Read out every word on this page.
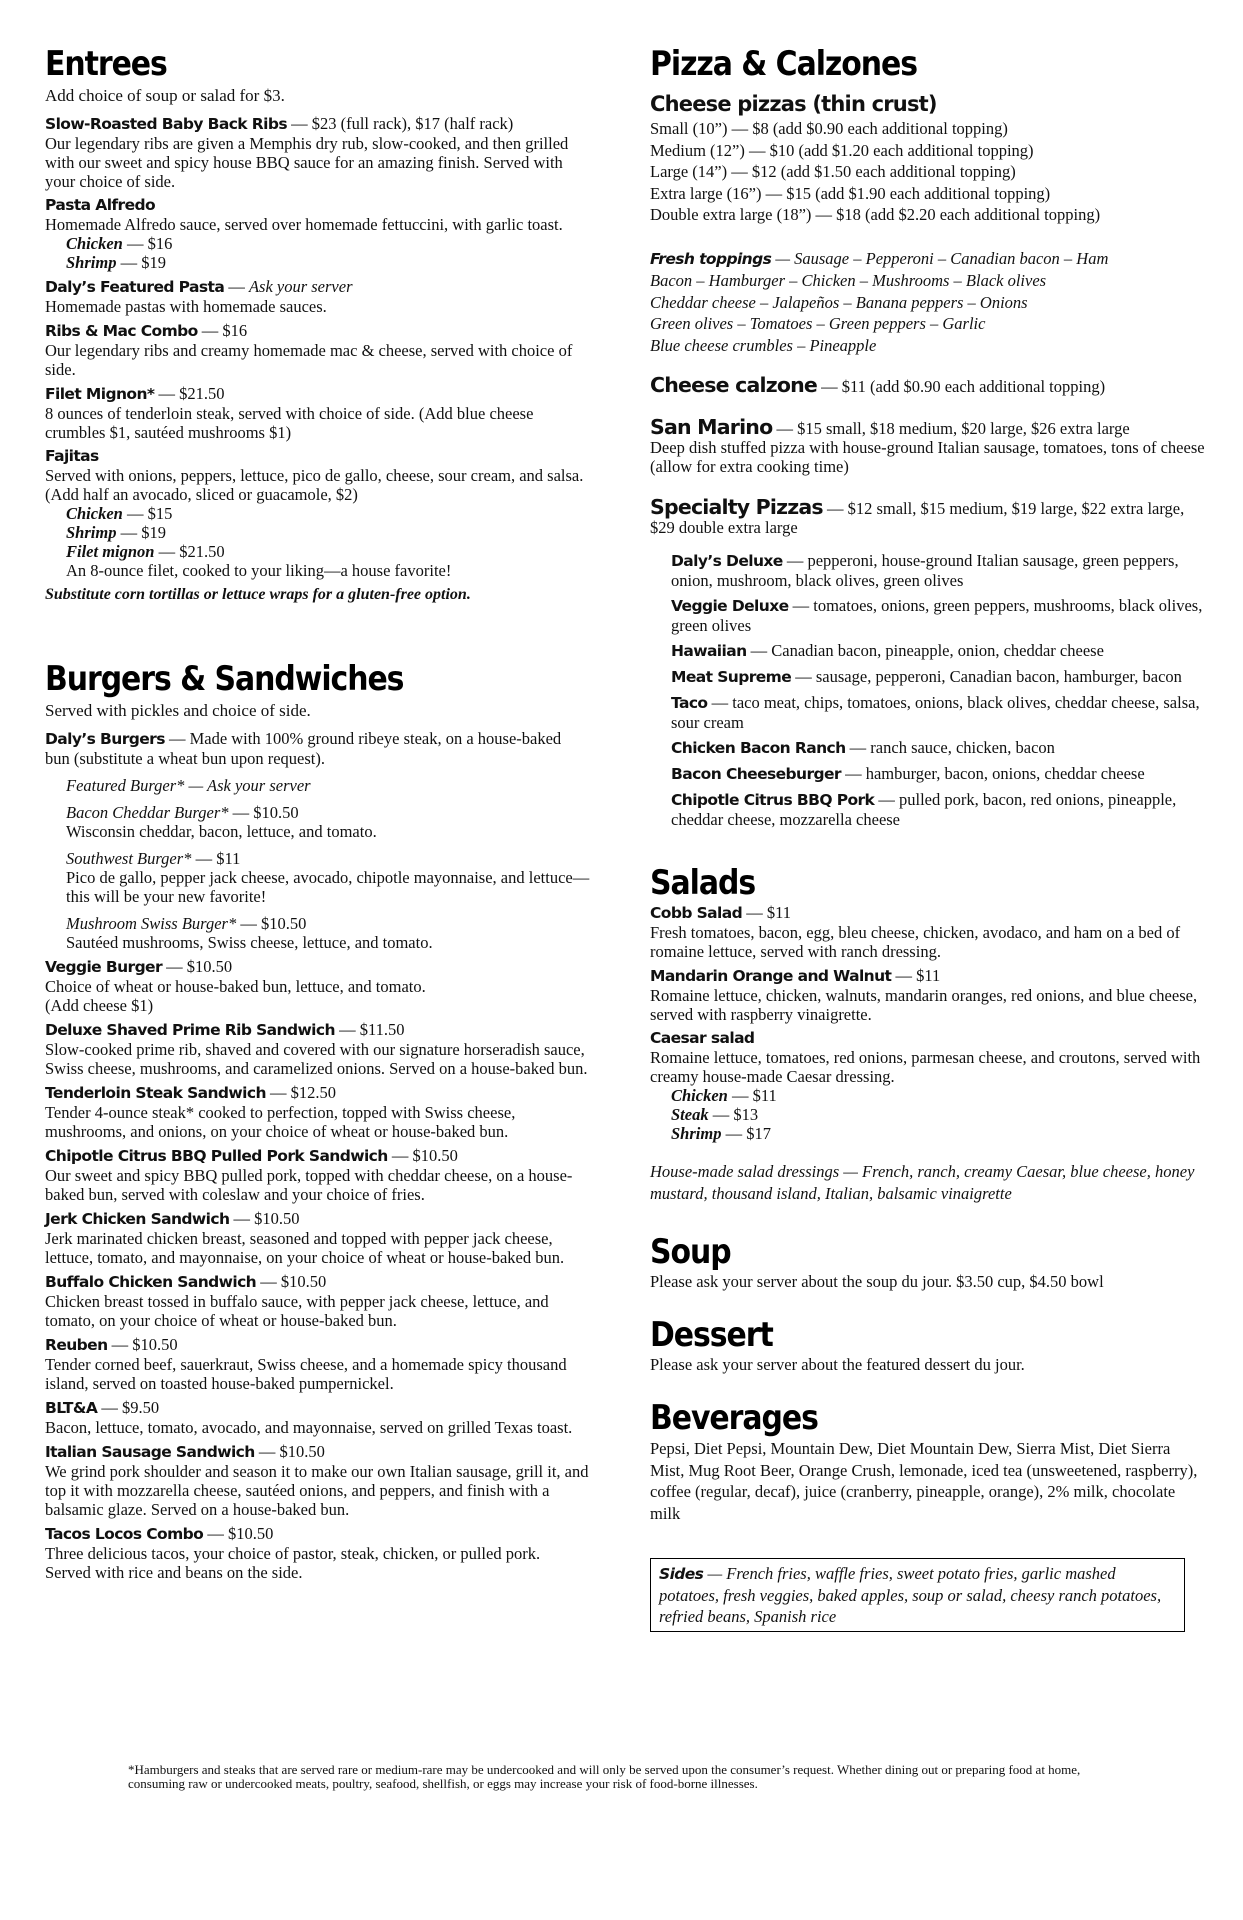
Entrees
Add choice of soup or salad for $3.
Slow-Roasted Baby Back Ribs — $23 (full rack), $17 (half rack)
Our legendary ribs are given a Memphis dry rub, slow-cooked, and then grilled with our sweet and spicy house BBQ sauce for an amazing finish. Served with your choice of side.
Pasta Alfredo
Homemade Alfredo sauce, served over homemade fettuccini, with garlic toast.
Chicken — $16
Shrimp — $19
Daly’s Featured Pasta — Ask your server
Homemade pastas with homemade sauces.
Ribs & Mac Combo — $16
Our legendary ribs and creamy homemade mac & cheese, served with choice of side.
Filet Mignon* — $21.50
8 ounces of tenderloin steak, served with choice of side. (Add blue cheese crumbles $1, sautéed mushrooms $1)
Fajitas
Served with onions, peppers, lettuce, pico de gallo, cheese, sour cream, and salsa. (Add half an avocado, sliced or guacamole, $2)
Chicken — $15
Shrimp — $19
Filet mignon — $21.50
An 8-ounce filet, cooked to your liking—a house favorite!
Substitute corn tortillas or lettuce wraps for a gluten-free option.
Burgers & Sandwiches
Served with pickles and choice of side.
Daly’s Burgers — Made with 100% ground ribeye steak, on a house-baked bun (substitute a wheat bun upon request).
Featured Burger* — Ask your server
Bacon Cheddar Burger* — $10.50
Wisconsin cheddar, bacon, lettuce, and tomato.
Southwest Burger* — $11
Pico de gallo, pepper jack cheese, avocado, chipotle mayonnaise, and lettuce—this will be your new favorite!
Mushroom Swiss Burger* — $10.50
Sautéed mushrooms, Swiss cheese, lettuce, and tomato.
Veggie Burger — $10.50
Choice of wheat or house-baked bun, lettuce, and tomato.
(Add cheese $1)
Deluxe Shaved Prime Rib Sandwich — $11.50
Slow-cooked prime rib, shaved and covered with our signature horseradish sauce, Swiss cheese, mushrooms, and caramelized onions. Served on a house-baked bun.
Tenderloin Steak Sandwich — $12.50
Tender 4-ounce steak* cooked to perfection, topped with Swiss cheese, mushrooms, and onions, on your choice of wheat or house-baked bun.
Chipotle Citrus BBQ Pulled Pork Sandwich — $10.50
Our sweet and spicy BBQ pulled pork, topped with cheddar cheese, on a house-baked bun, served with coleslaw and your choice of fries.
Jerk Chicken Sandwich — $10.50
Jerk marinated chicken breast, seasoned and topped with pepper jack cheese, lettuce, tomato, and mayonnaise, on your choice of wheat or house-baked bun.
Buffalo Chicken Sandwich — $10.50
Chicken breast tossed in buffalo sauce, with pepper jack cheese, lettuce, and tomato, on your choice of wheat or house-baked bun.
Reuben — $10.50
Tender corned beef, sauerkraut, Swiss cheese, and a homemade spicy thousand island, served on toasted house-baked pumpernickel.
BLT&A — $9.50
Bacon, lettuce, tomato, avocado, and mayonnaise, served on grilled Texas toast.
Italian Sausage Sandwich — $10.50
We grind pork shoulder and season it to make our own Italian sausage, grill it, and top it with mozzarella cheese, sautéed onions, and peppers, and finish with a balsamic glaze. Served on a house-baked bun.
Tacos Locos Combo — $10.50
Three delicious tacos, your choice of pastor, steak, chicken, or pulled pork. Served with rice and beans on the side.
Pizza & Calzones
Cheese pizzas (thin crust)
Small (10”) — $8 (add $0.90 each additional topping)
Medium (12”) — $10 (add $1.20 each additional topping)
Large (14”) — $12 (add $1.50 each additional topping)
Extra large (16”) — $15 (add $1.90 each additional topping)
Double extra large (18”) — $18 (add $2.20 each additional topping)
Fresh toppings — Sausage – Pepperoni – Canadian bacon – Ham
Bacon – Hamburger – Chicken – Mushrooms – Black olives
Cheddar cheese – Jalapeños – Banana peppers – Onions
Green olives – Tomatoes – Green peppers – Garlic
Blue cheese crumbles – Pineapple
Cheese calzone — $11 (add $0.90 each additional topping)
San Marino — $15 small, $18 medium, $20 large, $26 extra large
Deep dish stuffed pizza with house-ground Italian sausage, tomatoes, tons of cheese (allow for extra cooking time)
Specialty Pizzas — $12 small, $15 medium, $19 large, $22 extra large, $29 double extra large
Daly’s Deluxe — pepperoni, house-ground Italian sausage, green peppers, onion, mushroom, black olives, green olives
Veggie Deluxe — tomatoes, onions, green peppers, mushrooms, black olives, green olives
Hawaiian — Canadian bacon, pineapple, onion, cheddar cheese
Meat Supreme — sausage, pepperoni, Canadian bacon, hamburger, bacon
Taco — taco meat, chips, tomatoes, onions, black olives, cheddar cheese, salsa, sour cream
Chicken Bacon Ranch — ranch sauce, chicken, bacon
Bacon Cheeseburger — hamburger, bacon, onions, cheddar cheese
Chipotle Citrus BBQ Pork — pulled pork, bacon, red onions, pineapple, cheddar cheese, mozzarella cheese
Salads
Cobb Salad — $11
Fresh tomatoes, bacon, egg, bleu cheese, chicken, avodaco, and ham on a bed of romaine lettuce, served with ranch dressing.
Mandarin Orange and Walnut — $11
Romaine lettuce, chicken, walnuts, mandarin oranges, red onions, and blue cheese, served with raspberry vinaigrette.
Caesar salad
Romaine lettuce, tomatoes, red onions, parmesan cheese, and croutons, served with creamy house-made Caesar dressing.
Chicken — $11
Steak — $13
Shrimp — $17
House-made salad dressings — French, ranch, creamy Caesar, blue cheese, honey mustard, thousand island, Italian, balsamic vinaigrette
Soup
Please ask your server about the soup du jour. $3.50 cup, $4.50 bowl
Dessert
Please ask your server about the featured dessert du jour.
Beverages
Pepsi, Diet Pepsi, Mountain Dew, Diet Mountain Dew, Sierra Mist, Diet Sierra Mist, Mug Root Beer, Orange Crush, lemonade, iced tea (unsweetened, raspberry), coffee (regular, decaf), juice (cranberry, pineapple, orange), 2% milk, chocolate milk
Sides — French fries, waffle fries, sweet potato fries, garlic mashed potatoes, fresh veggies, baked apples, soup or salad, cheesy ranch potatoes, refried beans, Spanish rice
*Hamburgers and steaks that are served rare or medium-rare may be undercooked and will only be served upon the consumer’s request. Whether dining out or preparing food at home, consuming raw or undercooked meats, poultry, seafood, shellfish, or eggs may increase your risk of food-borne illnesses.
